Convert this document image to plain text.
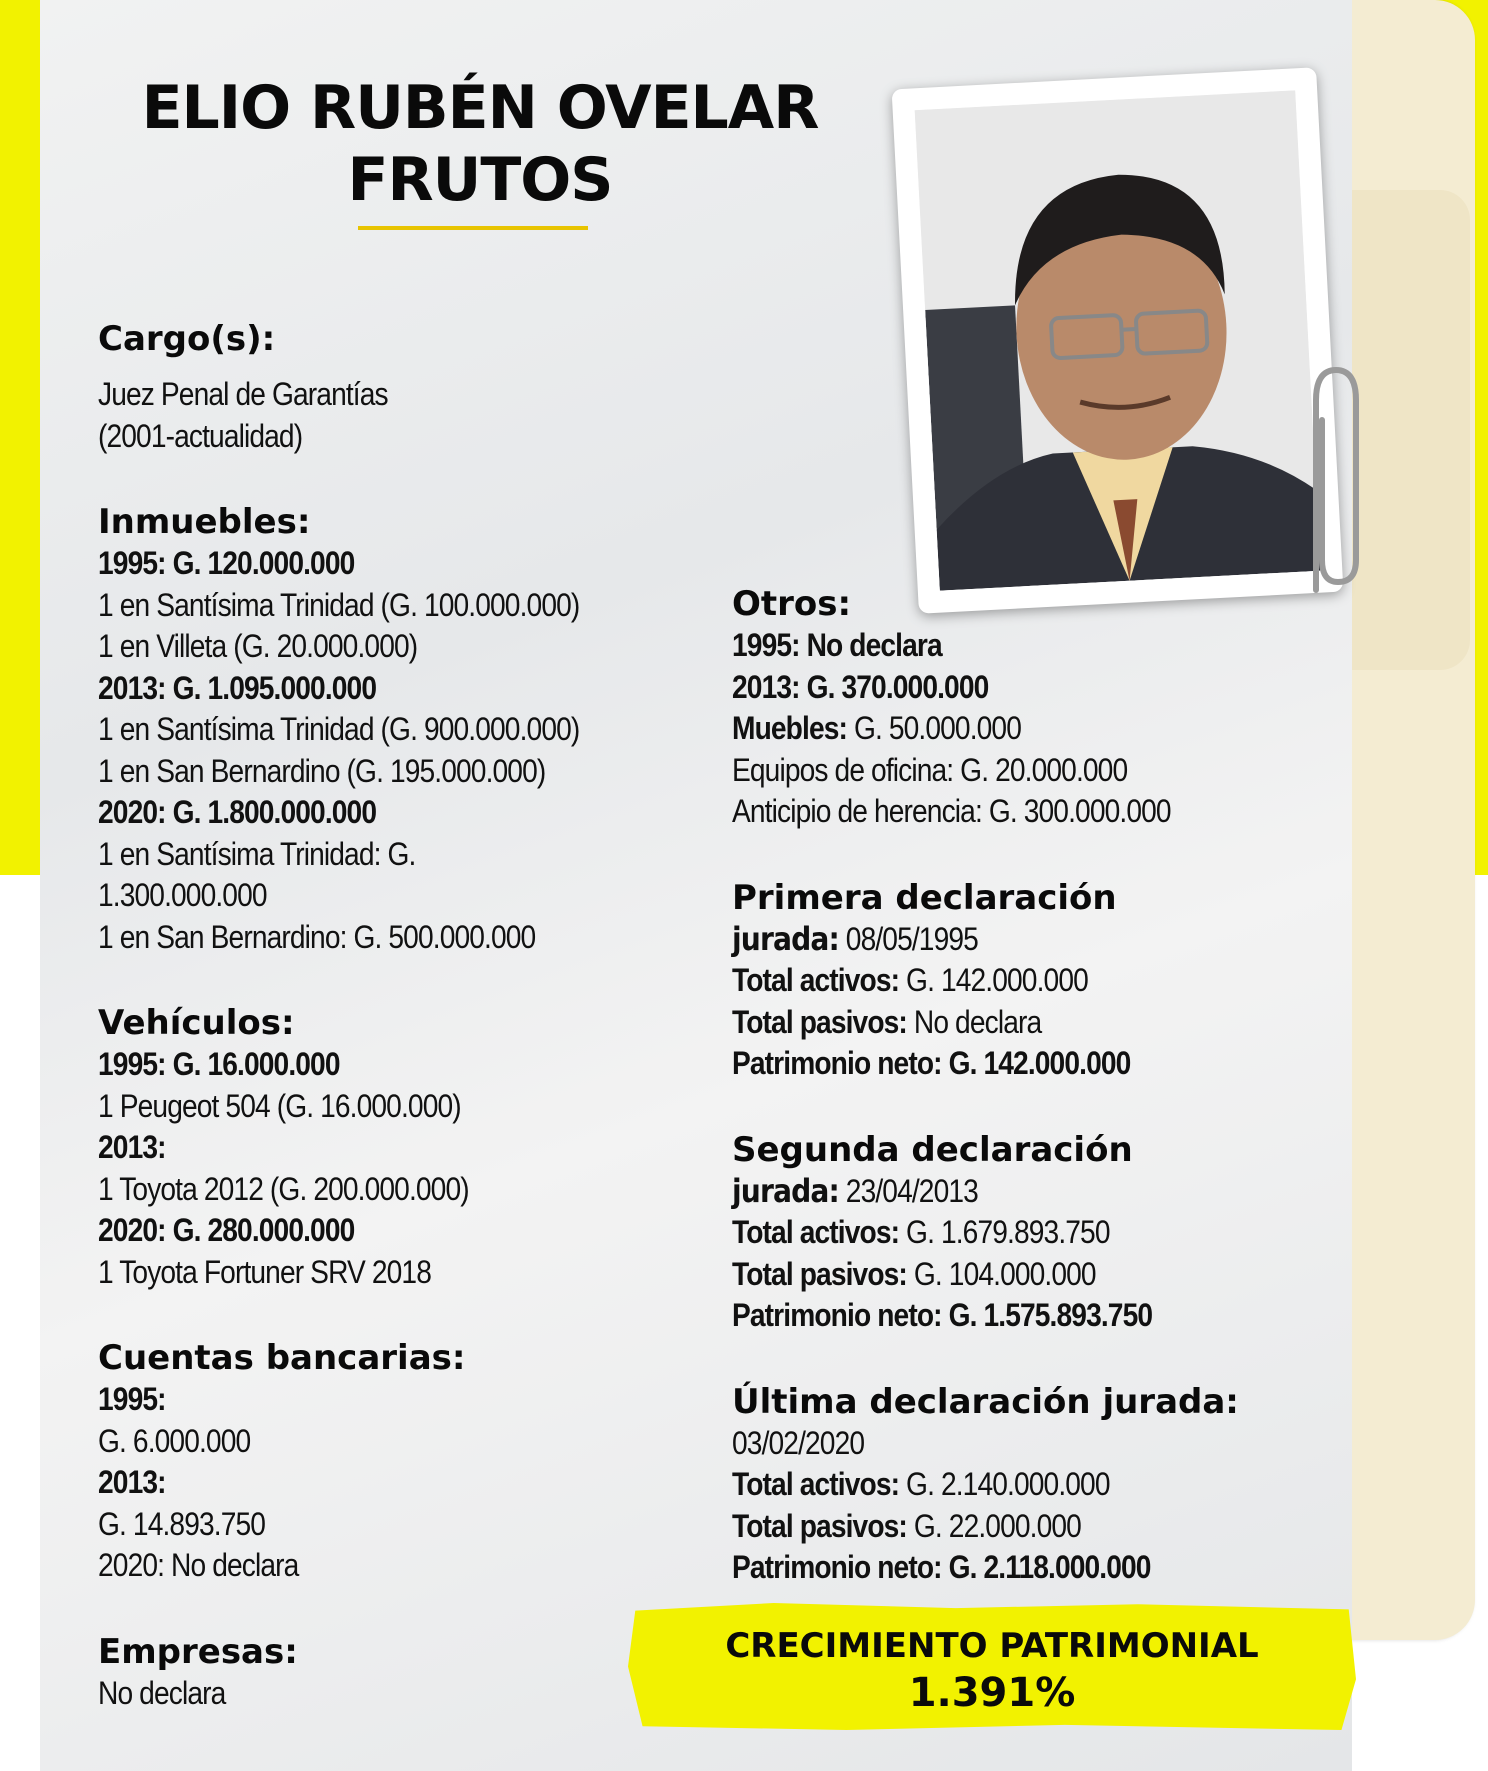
ELIO RUBÉN OVELAR
FRUTOS

Cargo(s):

Juez Penal de Garantías

(2001-actualidad)

Inmuebles:

1995: G. 120.000.000

1 en Santísima Trinidad (G. 100.000.000)

1 en Villeta (G. 20.000.000)

2013: G. 1.095.000.000

1 en Santísima Trinidad (G. 900.000.000)

1 en San Bernardino (G. 195.000.000)

2020: G. 1.800.000.000

1 en Santísima Trinidad: G.

1.300.000.000

1 en San Bernardino: G. 500.000.000

Vehículos:

1995: G. 16.000.000

1 Peugeot 504 (G. 16.000.000)

2013:

1 Toyota 2012 (G. 200.000.000)

2020: G. 280.000.000

1 Toyota Fortuner SRV 2018

Cuentas bancarias:

1995:

G. 6.000.000

2013:

G. 14.893.750

2020: No declara

Empresas:

No declara

Otros:

1995: No declara

2013: G. 370.000.000

Muebles: G. 50.000.000

Equipos de oficina: G. 20.000.000

Anticipio de herencia: G. 300.000.000

Primera declaración

jurada: 08/05/1995

Total activos: G. 142.000.000

Total pasivos: No declara

Patrimonio neto: G. 142.000.000

Segunda declaración

jurada: 23/04/2013

Total activos: G. 1.679.893.750

Total pasivos: G. 104.000.000

Patrimonio neto: G. 1.575.893.750

Última declaración jurada:

03/02/2020

Total activos: G. 2.140.000.000

Total pasivos: G. 22.000.000

Patrimonio neto: G. 2.118.000.000

CRECIMIENTO PATRIMONIAL
1.391%
